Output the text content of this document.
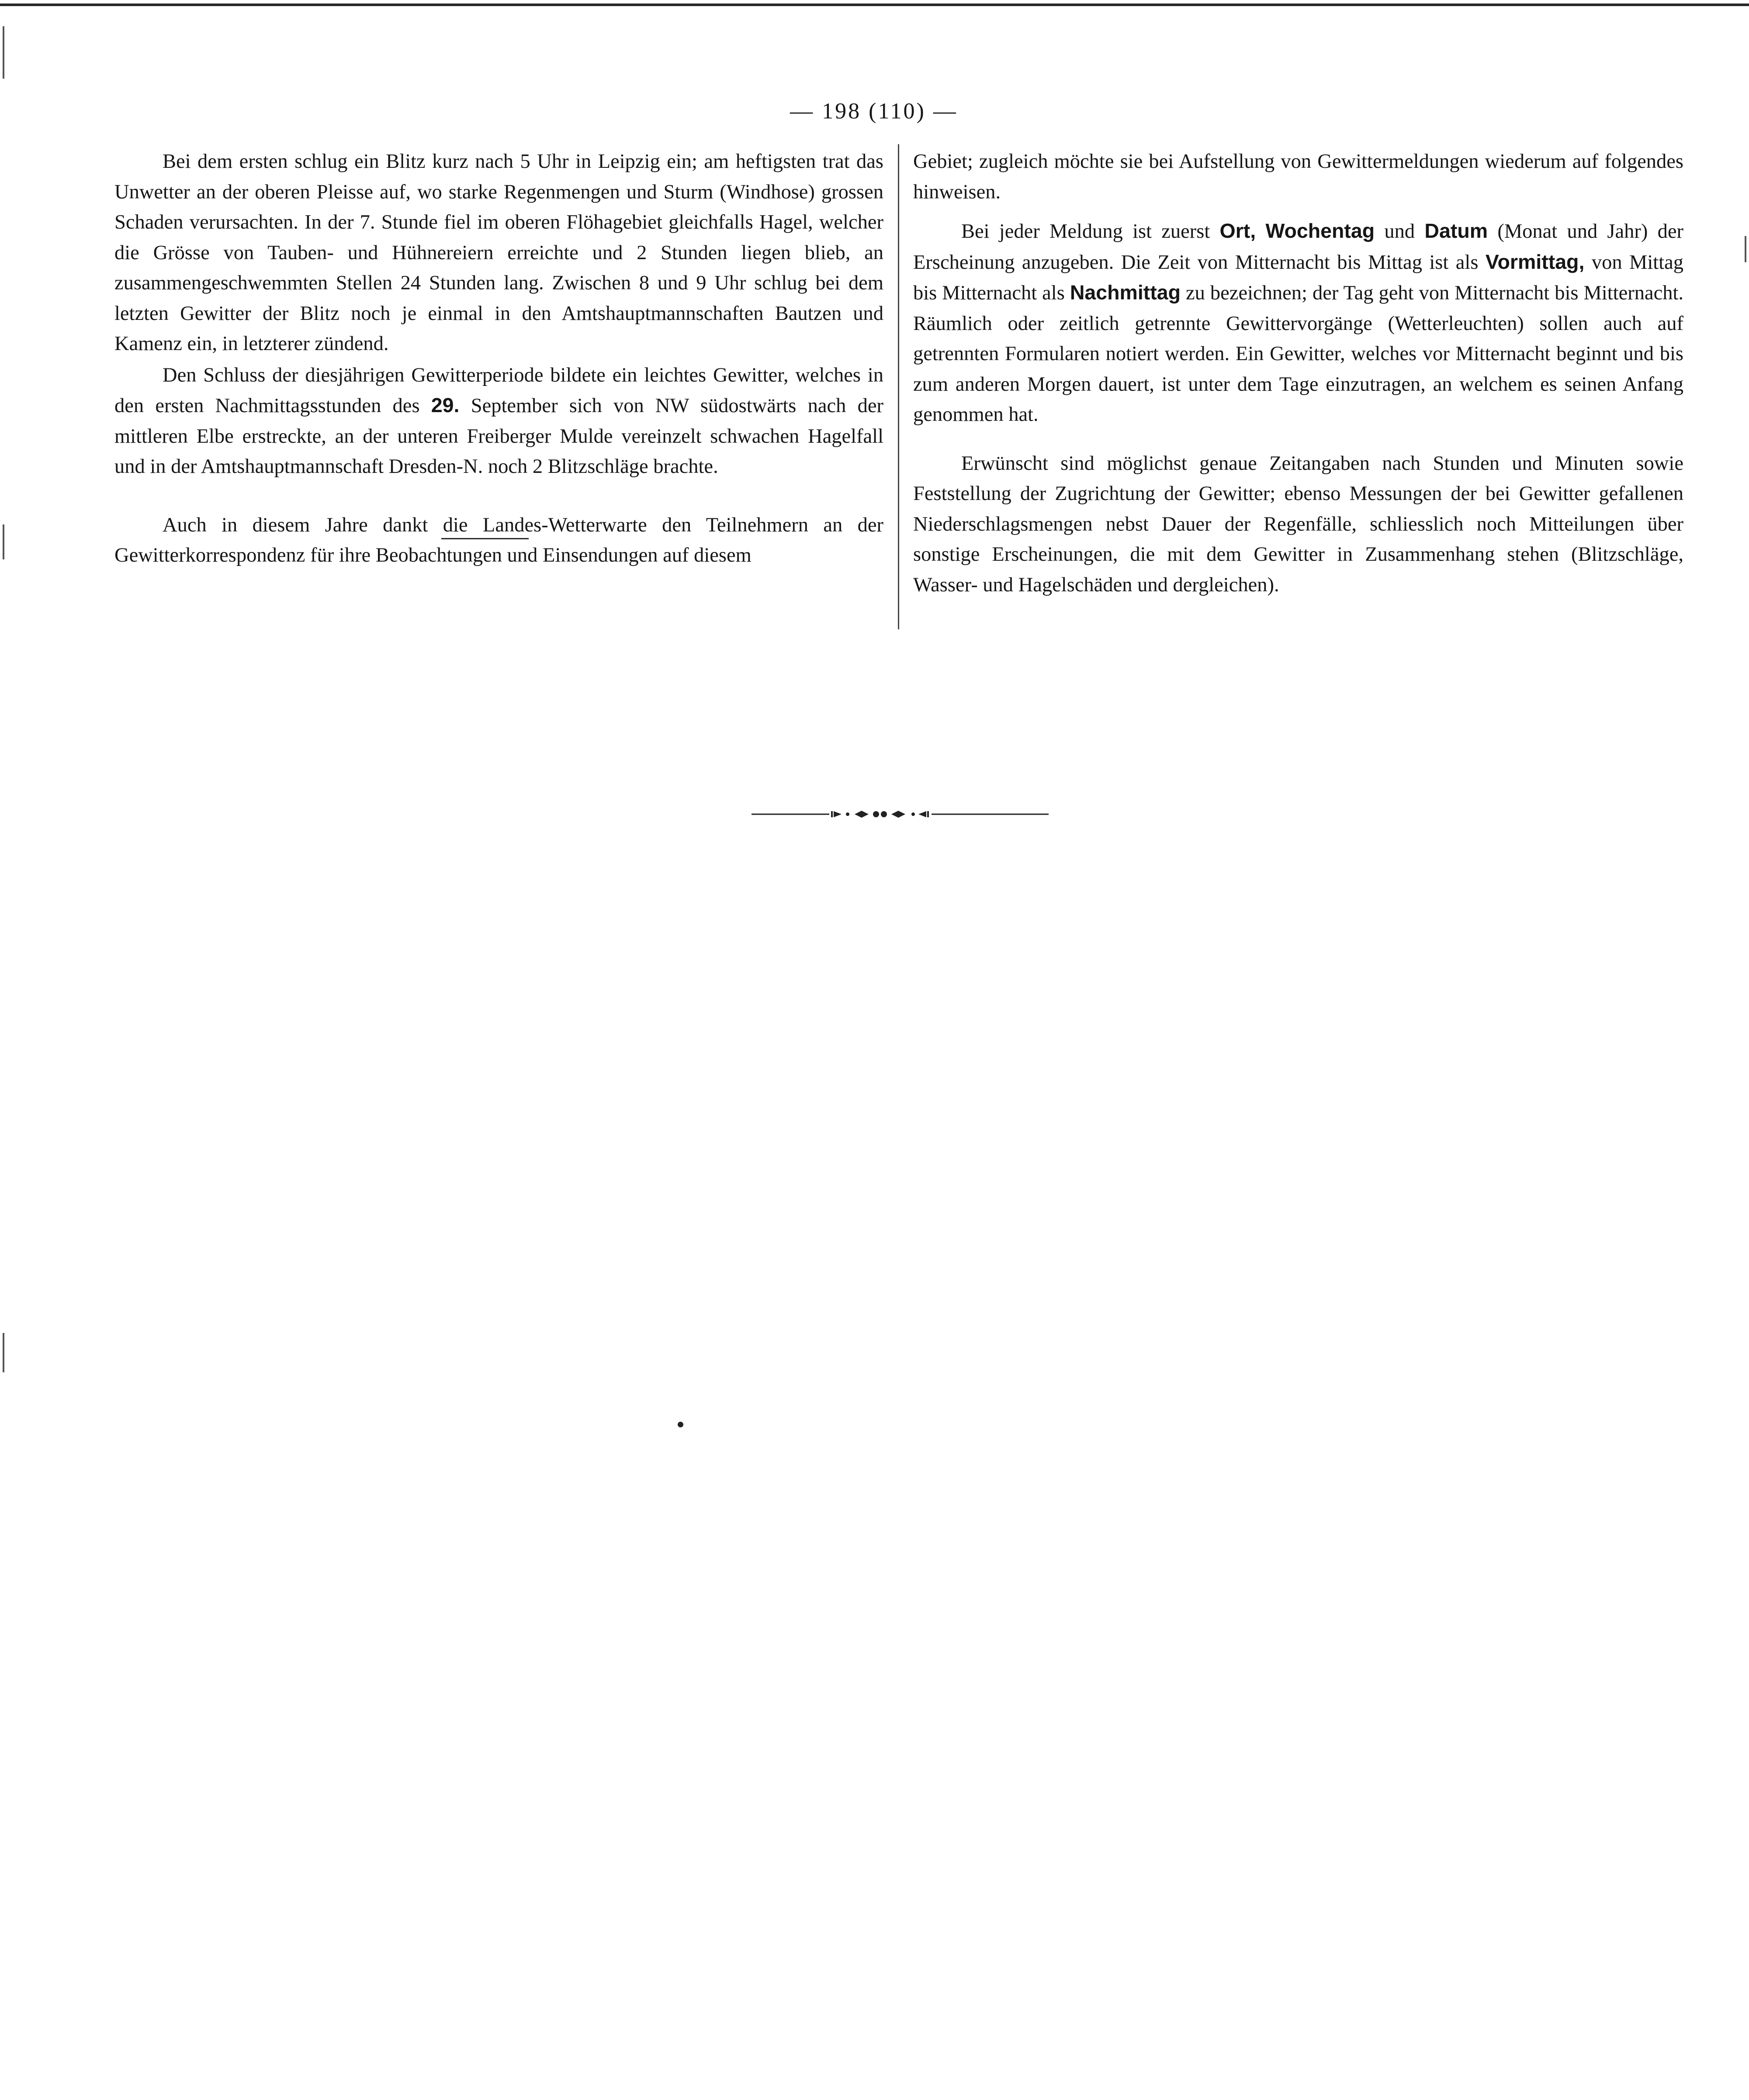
— 198 (110) —

Bei dem ersten schlug ein Blitz kurz nach 5 Uhr in Leipzig ein; am heftigsten trat das Unwetter an der oberen Pleisse auf, wo starke Regenmengen und Sturm (Windhose) grossen Schaden verursachten. In der 7. Stunde fiel im oberen Flöhagebiet gleichfalls Hagel, welcher die Grösse von Tauben- und Hühnereiern erreichte und 2 Stunden liegen blieb, an zusammengeschwemmten Stellen 24 Stunden lang. Zwischen 8 und 9 Uhr schlug bei dem letzten Gewitter der Blitz noch je einmal in den Amtshauptmannschaften Bautzen und Kamenz ein, in letzterer zündend.

Den Schluss der diesjährigen Gewitterperiode bildete ein leichtes Gewitter, welches in den ersten Nachmittagsstunden des 29. September sich von NW südostwärts nach der mittleren Elbe erstreckte, an der unteren Freiberger Mulde vereinzelt schwachen Hagelfall und in der Amtshauptmannschaft Dresden-N. noch 2 Blitzschläge brachte.

Auch in diesem Jahre dankt die Landes-Wetterwarte den Teilnehmern an der Gewitterkorrespondenz für ihre Beobachtungen und Einsendungen auf diesem

Gebiet; zugleich möchte sie bei Aufstellung von Gewittermeldungen wiederum auf folgendes hinweisen.

Bei jeder Meldung ist zuerst Ort, Wochentag und Datum (Monat und Jahr) der Erscheinung anzugeben. Die Zeit von Mitternacht bis Mittag ist als Vormittag, von Mittag bis Mitternacht als Nachmittag zu bezeichnen; der Tag geht von Mitternacht bis Mitternacht. Räumlich oder zeitlich getrennte Gewittervorgänge (Wetterleuchten) sollen auch auf getrennten Formularen notiert werden. Ein Gewitter, welches vor Mitternacht beginnt und bis zum anderen Morgen dauert, ist unter dem Tage einzutragen, an welchem es seinen Anfang genommen hat.

Erwünscht sind möglichst genaue Zeitangaben nach Stunden und Minuten sowie Feststellung der Zugrichtung der Gewitter; ebenso Messungen der bei Gewitter gefallenen Niederschlagsmengen nebst Dauer der Regenfälle, schliesslich noch Mitteilungen über sonstige Erscheinungen, die mit dem Gewitter in Zusammenhang stehen (Blitzschläge, Wasser- und Hagelschäden und dergleichen).
